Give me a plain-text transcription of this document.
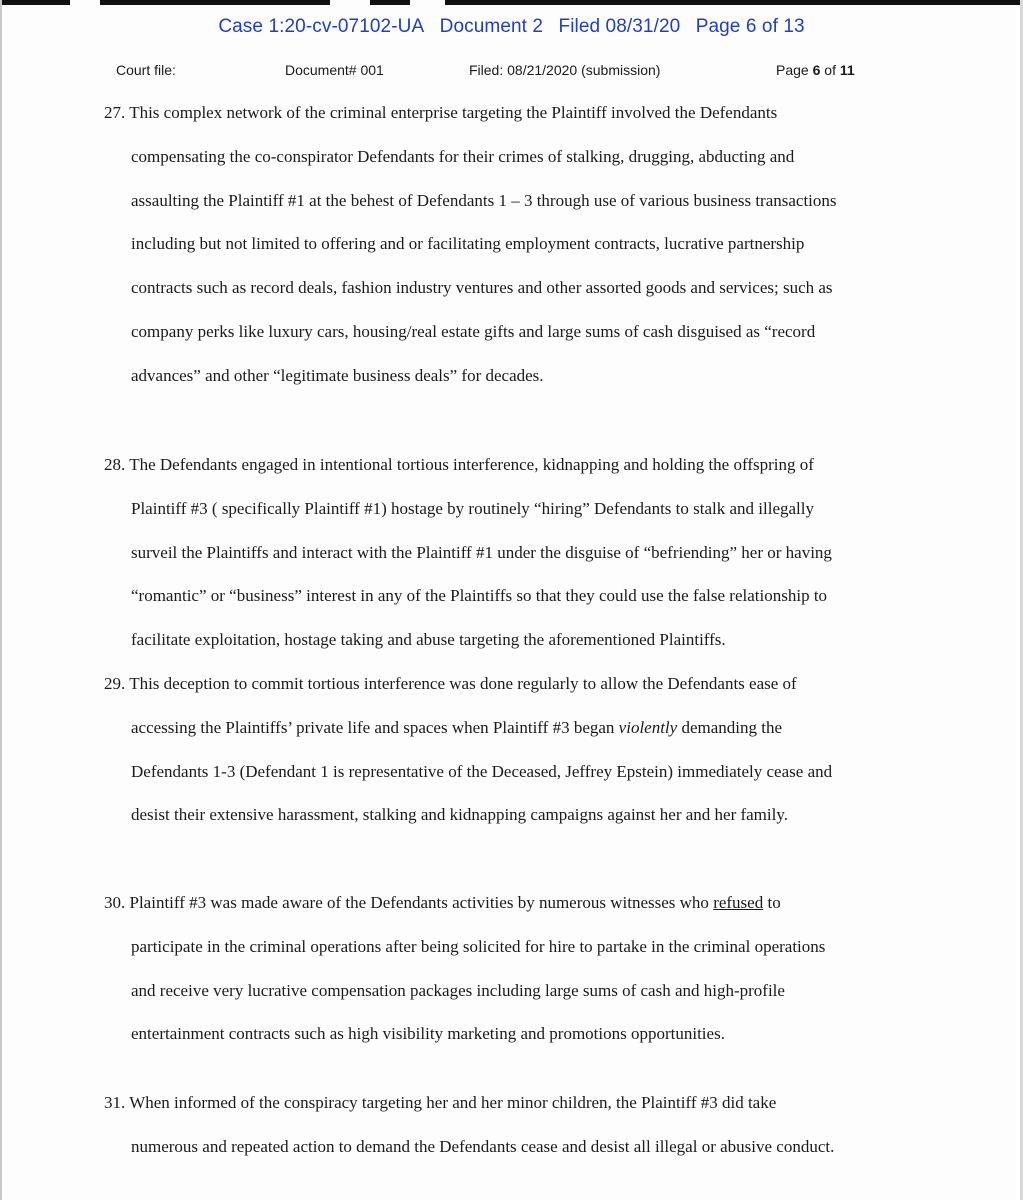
Case 1:20-cv-07102-UA Document 2 Filed 08/31/20 Page 6 of 13
Court file:	Document# 001	Filed: 08/21/2020 (submission)	Page 6 of 11
27. This complex network of the criminal enterprise targeting the Plaintiff involved the Defendants
compensating the co-conspirator Defendants for their crimes of stalking, drugging, abducting and
assaulting the Plaintiff #1 at the behest of Defendants 1 – 3 through use of various business transactions
including but not limited to offering and or facilitating employment contracts, lucrative partnership
contracts such as record deals, fashion industry ventures and other assorted goods and services; such as
company perks like luxury cars, housing/real estate gifts and large sums of cash disguised as “record
advances” and other “legitimate business deals” for decades.
28. The Defendants engaged in intentional tortious interference, kidnapping and holding the offspring of
Plaintiff #3 ( specifically Plaintiff #1) hostage by routinely “hiring” Defendants to stalk and illegally
surveil the Plaintiffs and interact with the Plaintiff #1 under the disguise of “befriending” her or having
“romantic” or “business” interest in any of the Plaintiffs so that they could use the false relationship to
facilitate exploitation, hostage taking and abuse targeting the aforementioned Plaintiffs.
29. This deception to commit tortious interference was done regularly to allow the Defendants ease of
accessing the Plaintiffs’ private life and spaces when Plaintiff #3 began violently demanding the
Defendants 1-3 (Defendant 1 is representative of the Deceased, Jeffrey Epstein) immediately cease and
desist their extensive harassment, stalking and kidnapping campaigns against her and her family.
30. Plaintiff #3 was made aware of the Defendants activities by numerous witnesses who refused to
participate in the criminal operations after being solicited for hire to partake in the criminal operations
and receive very lucrative compensation packages including large sums of cash and high-profile
entertainment contracts such as high visibility marketing and promotions opportunities.
31. When informed of the conspiracy targeting her and her minor children, the Plaintiff #3 did take
numerous and repeated action to demand the Defendants cease and desist all illegal or abusive conduct.
